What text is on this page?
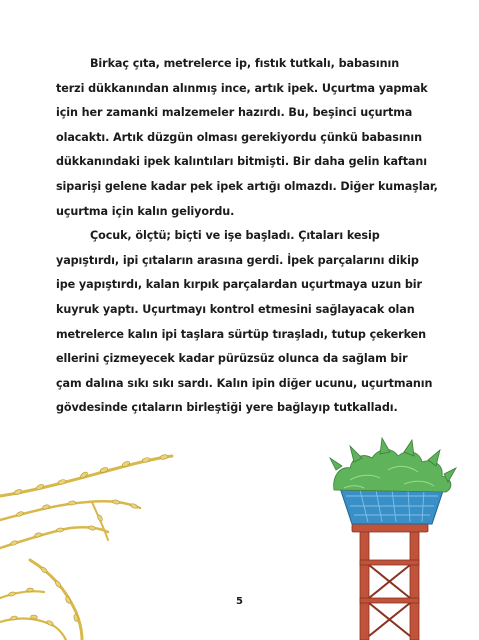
Birkaç çıta, metrelerce ip, fıstık tutkalı, babasının
terzi dükkanından alınmış ince, artık ipek. Uçurtma yapmak
için her zamanki malzemeler hazırdı. Bu, beşinci uçurtma
olacaktı. Artık düzgün olması gerekiyordu çünkü babasının
dükkanındaki ipek kalıntıları bitmişti. Bir daha gelin kaftanı
siparişi gelene kadar pek ipek artığı olmazdı. Diğer kumaşlar,
uçurtma için kalın geliyordu.
Çocuk, ölçtü; biçti ve işe başladı. Çıtaları kesip
yapıştırdı, ipi çıtaların arasına gerdi. İpek parçalarını dikip
ipe yapıştırdı, kalan kırpık parçalardan uçurtmaya uzun bir
kuyruk yaptı. Uçurtmayı kontrol etmesini sağlayacak olan
metrelerce kalın ipi taşlara sürtüp tıraşladı, tutup çekerken
ellerini çizmeyecek kadar pürüzsüz olunca da sağlam bir
çam dalına sıkı sıkı sardı. Kalın ipin diğer ucunu, uçurtmanın
gövdesinde çıtaların birleştiği yere bağlayıp tutkalladı.
5
